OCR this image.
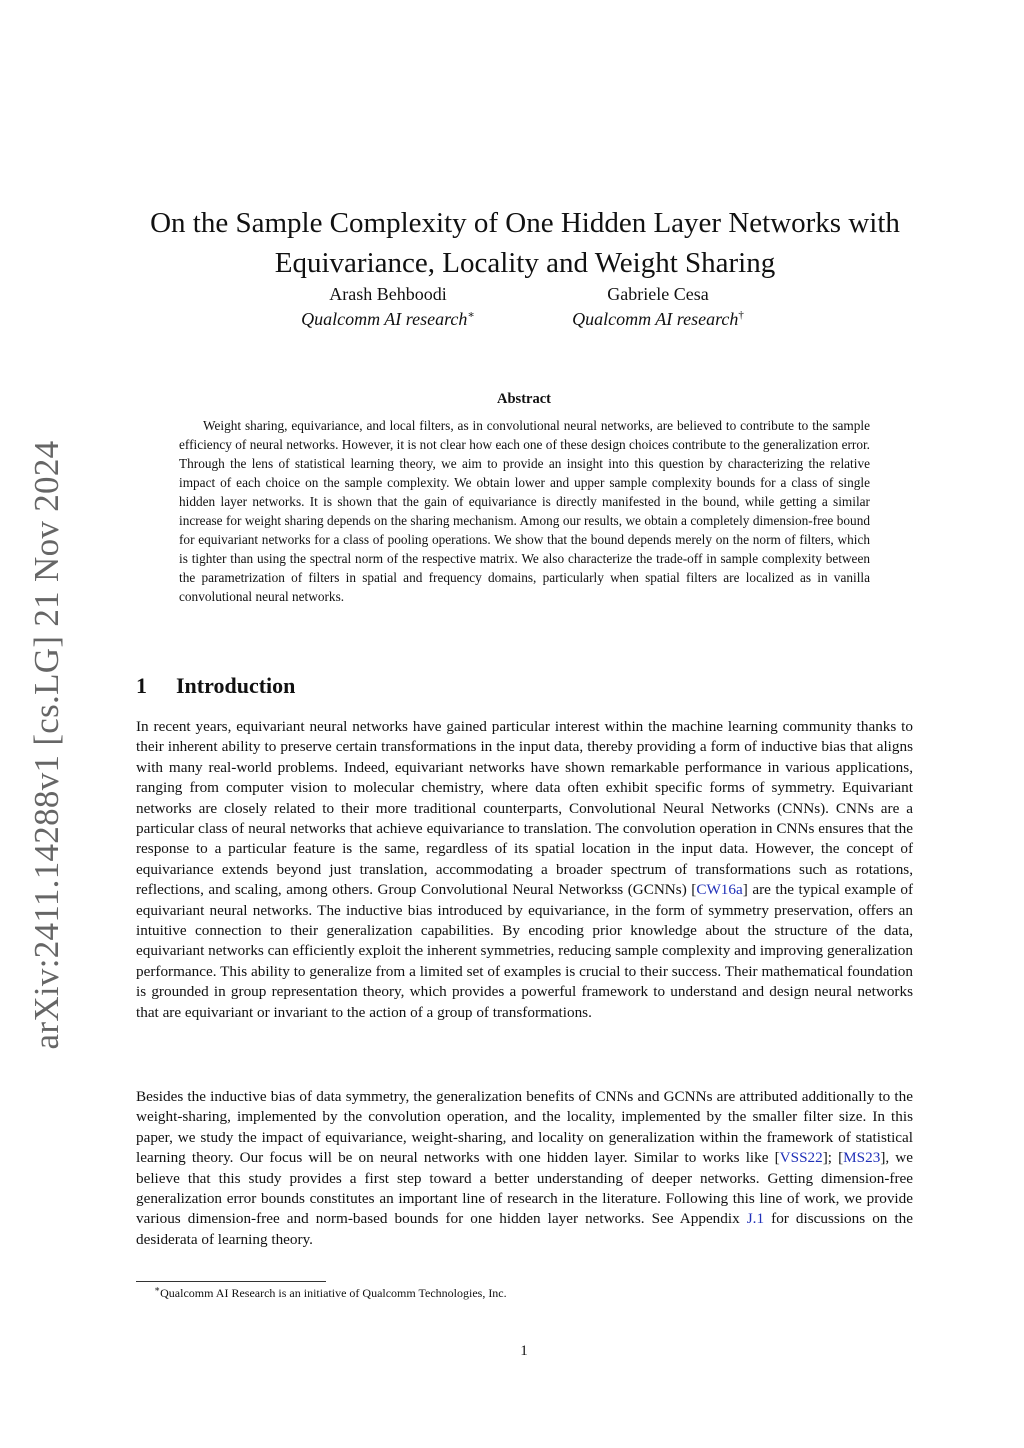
arXiv:2411.14288v1 [cs.LG] 21 Nov 2024
On the Sample Complexity of One Hidden Layer Networks with Equivariance, Locality and Weight Sharing
Arash Behboodi
Qualcomm AI research∗
Gabriele Cesa
Qualcomm AI research†
Abstract
Weight sharing, equivariance, and local filters, as in convolutional neural networks, are believed to contribute to the sample efficiency of neural networks. However, it is not clear how each one of these design choices contribute to the generalization error. Through the lens of statistical learning theory, we aim to provide an insight into this question by characterizing the relative impact of each choice on the sample complexity. We obtain lower and upper sample complexity bounds for a class of single hidden layer networks. It is shown that the gain of equivariance is directly manifested in the bound, while getting a similar increase for weight sharing depends on the sharing mechanism. Among our results, we obtain a completely dimension-free bound for equivariant networks for a class of pooling operations. We show that the bound depends merely on the norm of filters, which is tighter than using the spectral norm of the respective matrix. We also characterize the trade-off in sample complexity between the parametrization of filters in spatial and frequency domains, particularly when spatial filters are localized as in vanilla convolutional neural networks.
1 Introduction

In recent years, equivariant neural networks have gained particular interest within the machine learning community thanks to their inherent ability to preserve certain transformations in the input data, thereby providing a form of inductive bias that aligns with many real-world problems. Indeed, equivariant networks have shown remarkable performance in various applications, ranging from computer vision to molecular chemistry, where data often exhibit specific forms of symmetry. Equivariant networks are closely related to their more traditional counterparts, Convolutional Neural Networks (CNNs). CNNs are a particular class of neural networks that achieve equivariance to translation. The convolution operation in CNNs ensures that the response to a particular feature is the same, regardless of its spatial location in the input data. However, the concept of equivariance extends beyond just translation, accommodating a broader spectrum of transformations such as rotations, reflections, and scaling, among others. Group Convolutional Neural Networkss (GCNNs) [CW16a] are the typical example of equivariant neural networks. The inductive bias introduced by equivariance, in the form of symmetry preservation, offers an intuitive connection to their generalization capabilities. By encoding prior knowledge about the structure of the data, equivariant networks can efficiently exploit the inherent symmetries, reducing sample complexity and improving generalization performance. This ability to generalize from a limited set of examples is crucial to their success. Their mathematical foundation is grounded in group representation theory, which provides a powerful framework to understand and design neural networks that are equivariant or invariant to the action of a group of transformations.

Besides the inductive bias of data symmetry, the generalization benefits of CNNs and GCNNs are attributed additionally to the weight-sharing, implemented by the convolution operation, and the locality, implemented by the smaller filter size. In this paper, we study the impact of equivariance, weight-sharing, and locality on generalization within the framework of statistical learning theory. Our focus will be on neural networks with one hidden layer. Similar to works like [VSS22]; [MS23], we believe that this study provides a first step toward a better understanding of deeper networks. Getting dimension-free generalization error bounds constitutes an important line of research in the literature. Following this line of work, we provide various dimension-free and norm-based bounds for one hidden layer networks. See Appendix J.1 for discussions on the desiderata of learning theory.

∗Qualcomm AI Research is an initiative of Qualcomm Technologies, Inc.
1
